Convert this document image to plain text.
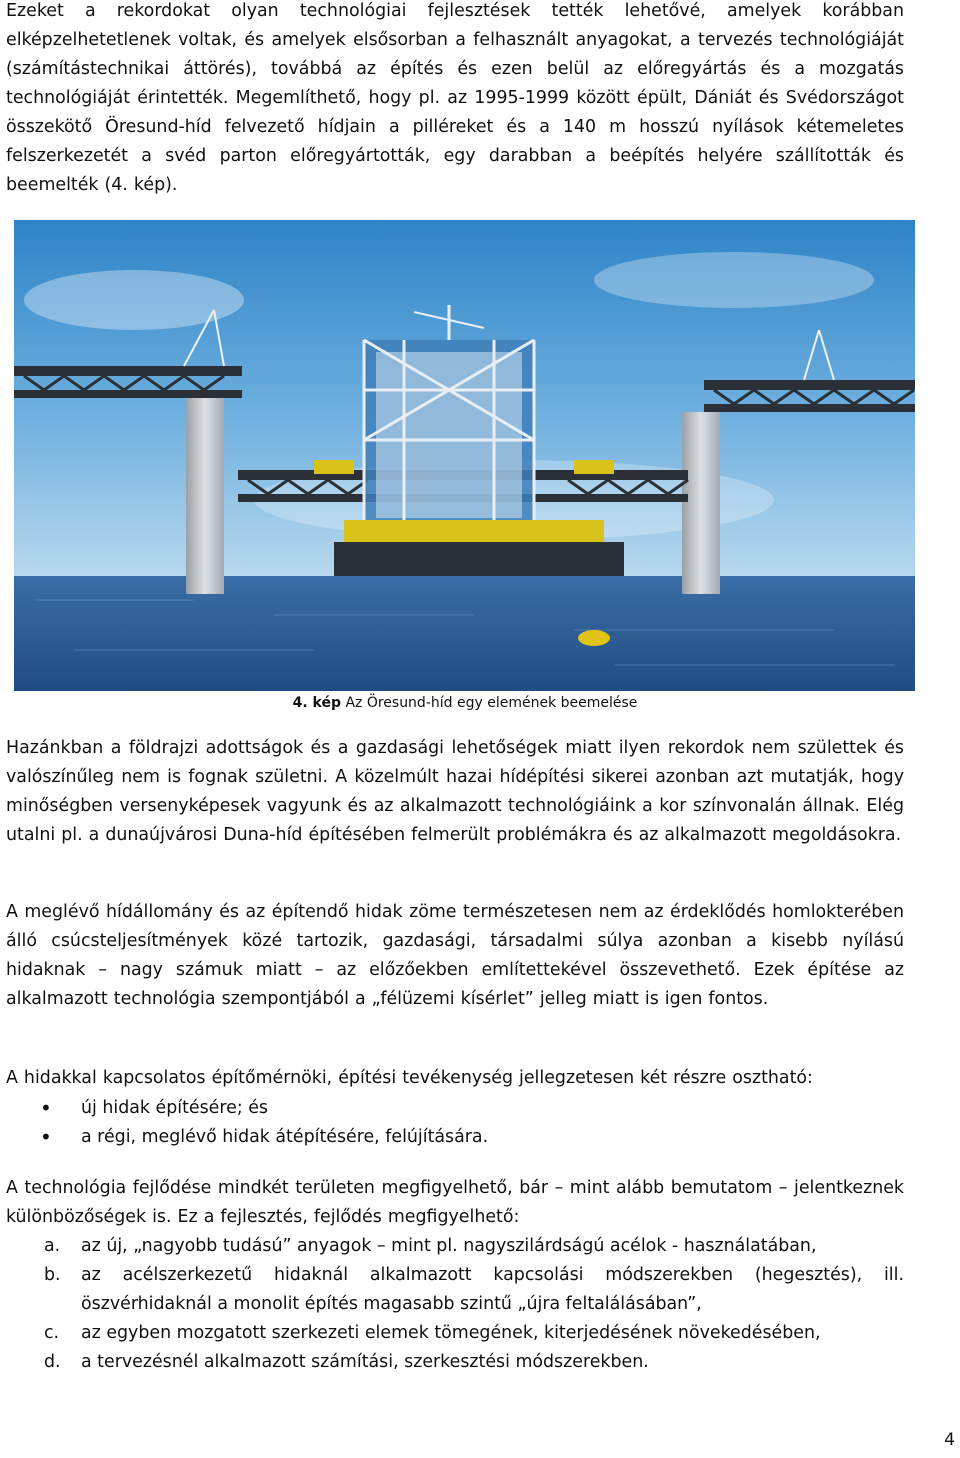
Ezeket a rekordokat olyan technológiai fejlesztések tették lehetővé, amelyek korábban elképzelhetetlenek voltak, és amelyek elsősorban a felhasznált anyagokat, a tervezés technológiáját (számítástechnikai áttörés), továbbá az építés és ezen belül az előregyártás és a mozgatás technológiáját érintették. Megemlíthető, hogy pl. az 1995-1999 között épült, Dániát és Svédországot összekötő Öresund-híd felvezető hídjain a pilléreket és a 140 m hosszú nyílások kétemeletes felszerkezetét a svéd parton előregyártották, egy darabban a beépítés helyére szállították és beemelték (4. kép).

4. kép Az Öresund-híd egy elemének beemelése

Hazánkban a földrajzi adottságok és a gazdasági lehetőségek miatt ilyen rekordok nem születtek és valószínűleg nem is fognak születni. A közelmúlt hazai hídépítési sikerei azonban azt mutatják, hogy minőségben versenyképesek vagyunk és az alkalmazott technológiáink a kor színvonalán állnak. Elég utalni pl. a dunaújvárosi Duna-híd építésében felmerült problémákra és az alkalmazott megoldásokra.

A meglévő hídállomány és az építendő hidak zöme természetesen nem az érdeklődés homlokterében álló csúcsteljesítmények közé tartozik, gazdasági, társadalmi súlya azonban a kisebb nyílású hidaknak – nagy számuk miatt – az előzőekben említettekével összevethető. Ezek építése az alkalmazott technológia szempontjából a „félüzemi kísérlet” jelleg miatt is igen fontos.

A hidakkal kapcsolatos építőmérnöki, építési tevékenység jellegzetesen két részre osztható:

• új hidak építésére; és
• a régi, meglévő hidak átépítésére, felújítására.

A technológia fejlődése mindkét területen megfigyelhető, bár – mint alább bemutatom – jelentkeznek különbözőségek is. Ez a fejlesztés, fejlődés megfigyelhető:

a. az új, „nagyobb tudású” anyagok – mint pl. nagyszilárdságú acélok - használatában,
b. az acélszerkezetű hidaknál alkalmazott kapcsolási módszerekben (hegesztés), ill. öszvérhidaknál a monolit építés magasabb szintű „újra feltalálásában”,
c. az egyben mozgatott szerkezeti elemek tömegének, kiterjedésének növekedésében,
d. a tervezésnél alkalmazott számítási, szerkesztési módszerekben.
4
